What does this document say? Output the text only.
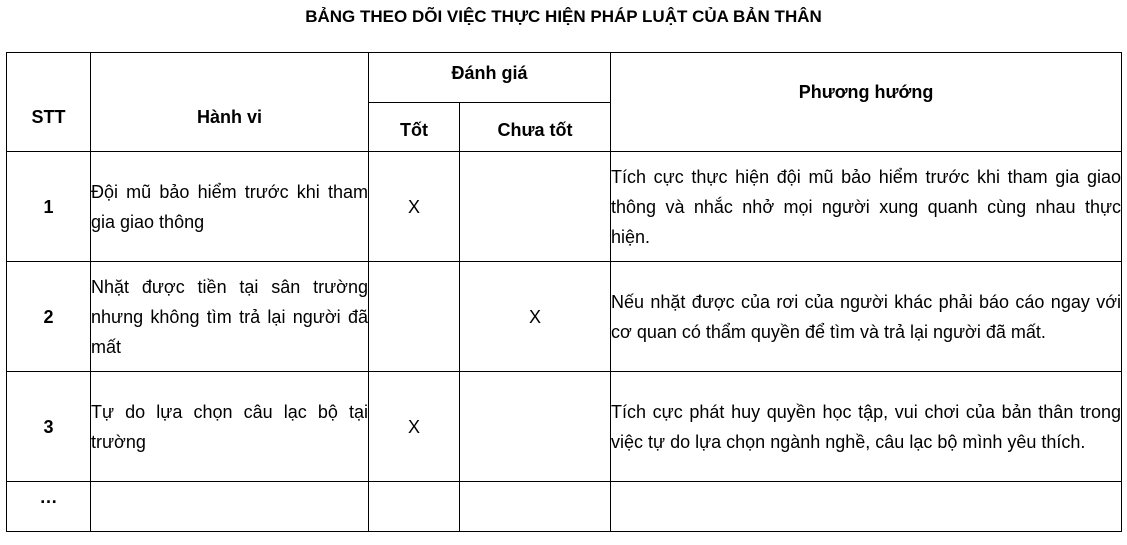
BẢNG THEO DÕI VIỆC THỰC HIỆN PHÁP LUẬT CỦA BẢN THÂN
STT	Hành vi	Đánh giá		Phương hướng
		Tốt	Chưa tốt	
1	Đội mũ bảo hiểm trước khi tham gia giao thông	X		Tích cực thực hiện đội mũ bảo hiểm trước khi tham gia giao thông và nhắc nhở mọi người xung quanh cùng nhau thực hiện.
2	Nhặt được tiền tại sân trường nhưng không tìm trả lại người đã mất		X	Nếu nhặt được của rơi của người khác phải báo cáo ngay với cơ quan có thẩm quyền để tìm và trả lại người đã mất.
3	Tự do lựa chọn câu lạc bộ tại trường	X		Tích cực phát huy quyền học tập, vui chơi của bản thân trong việc tự do lựa chọn ngành nghề, câu lạc bộ mình yêu thích.
…				
